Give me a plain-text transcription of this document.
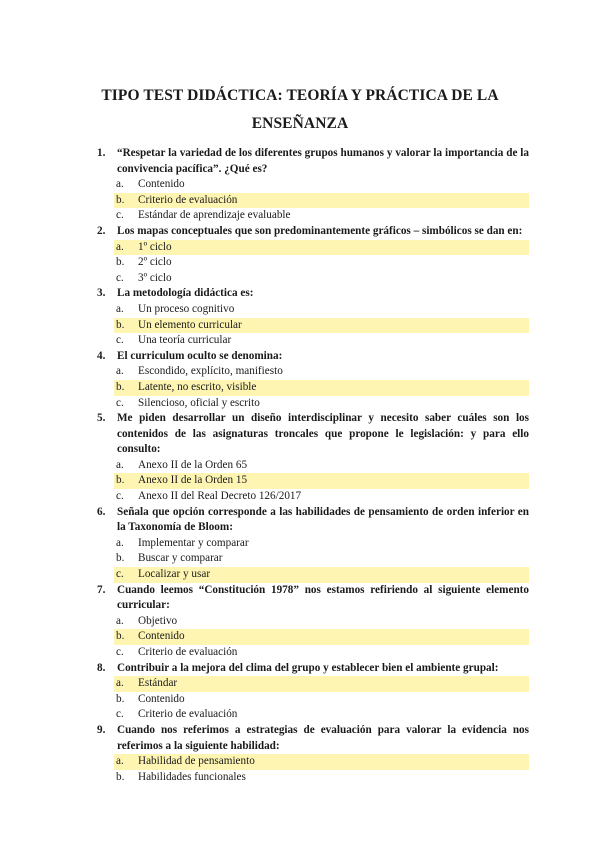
TIPO TEST DIDÁCTICA: TEORÍA Y PRÁCTICA DE LA
ENSEÑANZA
1. “Respetar la variedad de los diferentes grupos humanos y valorar la importancia de la convivencia pacífica”. ¿Qué es?
a.	Contenido
b.	Criterio de evaluación
c.	Estándar de aprendizaje evaluable
2. Los mapas conceptuales que son predominantemente gráficos – simbólicos se dan en:
a.	1º ciclo
b.	2º ciclo
c.	3º ciclo
3. La metodología didáctica es:
a.	Un proceso cognitivo
b.	Un elemento curricular
c.	Una teoría curricular
4. El curriculum oculto se denomina:
a.	Escondido, explícito, manifiesto
b.	Latente, no escrito, visible
c.	Silencioso, oficial y escrito
5. Me piden desarrollar un diseño interdisciplinar y necesito saber cuáles son los contenidos de las asignaturas troncales que propone le legislación: y para ello consulto:
a.	Anexo II de la Orden 65
b.	Anexo II de la Orden 15
c.	Anexo II del Real Decreto 126/2017
6. Señala que opción corresponde a las habilidades de pensamiento de orden inferior en la Taxonomía de Bloom:
a.	Implementar y comparar
b.	Buscar y comparar
c.	Localizar y usar
7. Cuando leemos “Constitución 1978” nos estamos refiriendo al siguiente elemento curricular:
a.	Objetivo
b.	Contenido
c.	Criterio de evaluación
8. Contribuir a la mejora del clima del grupo y establecer bien el ambiente grupal:
a.	Estándar
b.	Contenido
c.	Criterio de evaluación
9. Cuando nos referimos a estrategias de evaluación para valorar la evidencia nos referimos a la siguiente habilidad:
a.	Habilidad de pensamiento
b.	Habilidades funcionales
